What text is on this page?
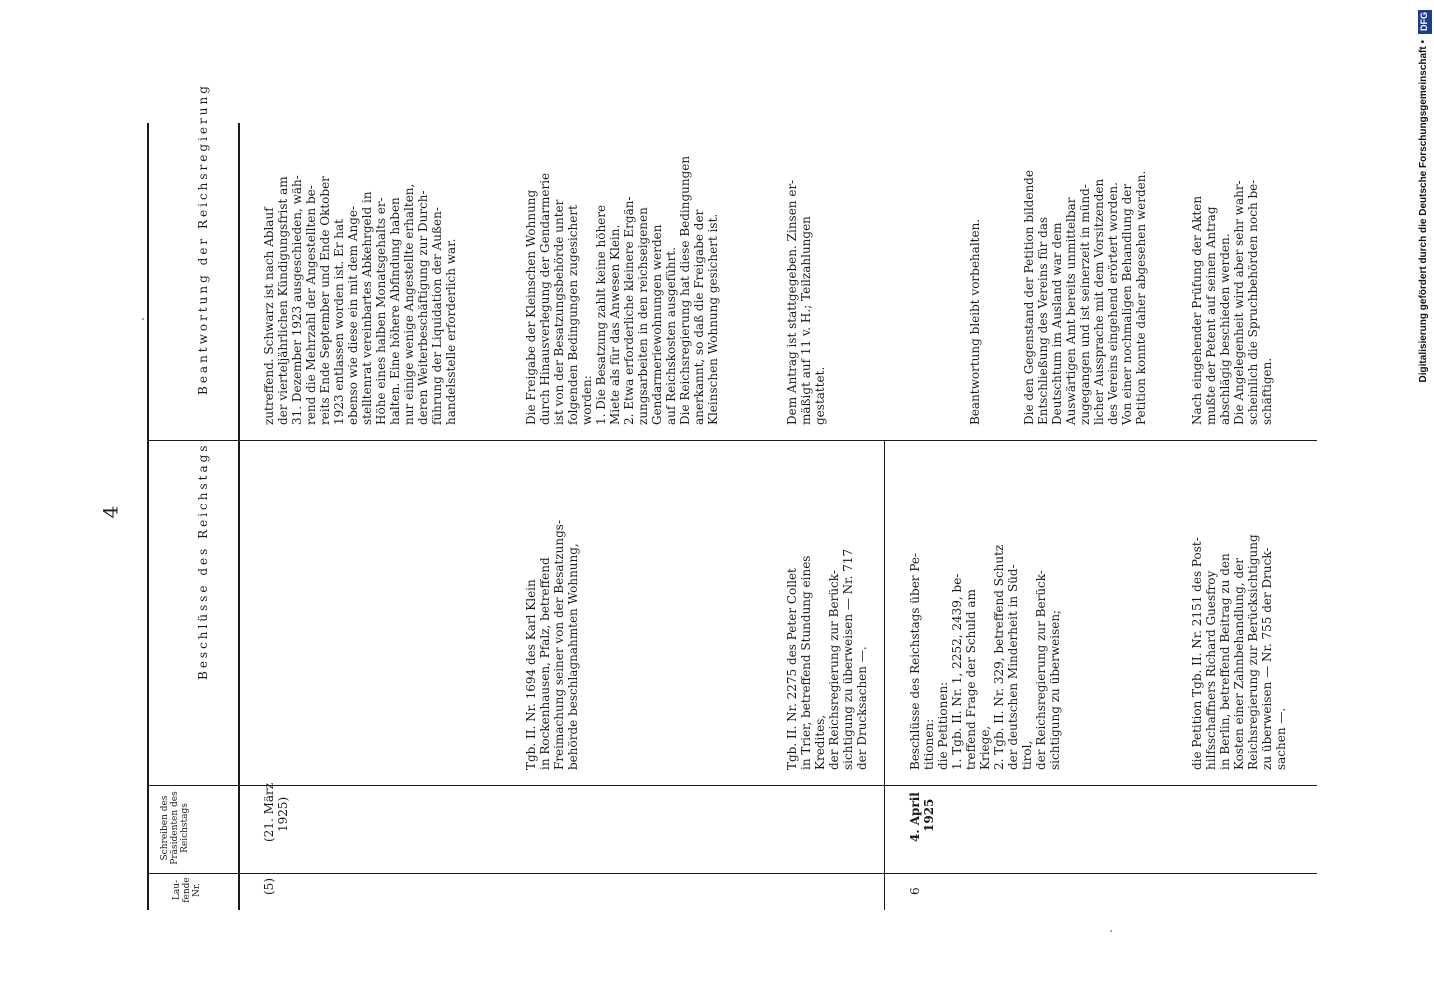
DFG
Digitalisierung gefördert durch die Deutsche Forschungsgemeinschaft •
4
Lau-fende Nr.
Schreiben des Präsidenten des Reichstags
Beschlüsse des Reichstags
Beantwortung der Reichsregierung
(5)
(21. März 1925)
6
4. April 1925
zutreffend. Schwarz ist nach Ablauf der vierteljährlichen Kündigungsfrist am 31. Dezember 1923 ausgeschieden, wäh- rend die Mehrzahl der Angestellten be- reits Ende September und Ende Oktober 1923 entlassen worden ist. Er hat ebenso wie diese ein mit dem Ange- stelltenrat vereinbartes Abkehrgeld in Höhe eines halben Monatsgehalts er- halten. Eine höhere Abfindung haben nur einige wenige Angestellte erhalten, deren Weiterbeschäftigung zur Durch- führung der Liquidation der Außen- handelsstelle erforderlich war.
Tgb. II. Nr. 1694 des Karl Klein in Rockenhausen, Pfalz, betreffend Freimachung seiner von der Besatzungs- behörde beschlagnahmten Wohnung,
Die Freigabe der Kleinschen Wohnung durch Hinausverlegung der Gendarmerie ist von der Besatzungsbehörde unter folgenden Bedingungen zugesichert worden: 1. Die Besatzung zahlt keine höhere Miete als für das Anwesen Klein. 2. Etwa erforderliche kleinere Ergän- zungsarbeiten in den reichseigenen Gendarmeriewohnungen werden auf Reichskosten ausgeführt. Die Reichsregierung hat diese Bedingungen anerkannt, so daß die Freigabe der Kleinschen Wohnung gesichert ist.
Tgb. II. Nr. 2275 des Peter Collet in Trier, betreffend Stundung eines Kredites, der Reichsregierung zur Berück- sichtigung zu überweisen — Nr. 717 der Drucksachen —.
Dem Antrag ist stattgegeben. Zinsen er- mäßigt auf 11 v. H.; Teilzahlungen gestattet.
Beschlüsse des Reichstags über Pe- titionen: die Petitionen: 1. Tgb. II. Nr. 1, 2252, 2439, be- treffend Frage der Schuld am Kriege, 2. Tgb. II. Nr. 329, betreffend Schutz der deutschen Minderheit in Süd- tirol, der Reichsregierung zur Berück- sichtigung zu überweisen;
Beantwortung bleibt vorbehalten.	Die den Gegenstand der Petition bildende Entschließung des Vereins für das Deutschtum im Ausland war dem Auswärtigen Amt bereits unmittelbar zugegangen und ist seinerzeit in münd- licher Aussprache mit dem Vorsitzenden des Vereins eingehend erörtert worden. Von einer nochmaligen Behandlung der Petition konnte daher abgesehen werden.
die Petition Tgb. II. Nr. 2151 des Post- hilfsschaffners Richard Guesfroy in Berlin, betreffend Beitrag zu den Kosten einer Zahnbehandlung, der Reichsregierung zur Berücksichtigung zu überweisen — Nr. 755 der Druck- sachen —.
Nach eingehender Prüfung der Akten mußte der Petent auf seinen Antrag abschlägig beschieden werden. Die Angelegenheit wird aber sehr wahr- scheinlich die Spruchbehörden noch be- schäftigen.
